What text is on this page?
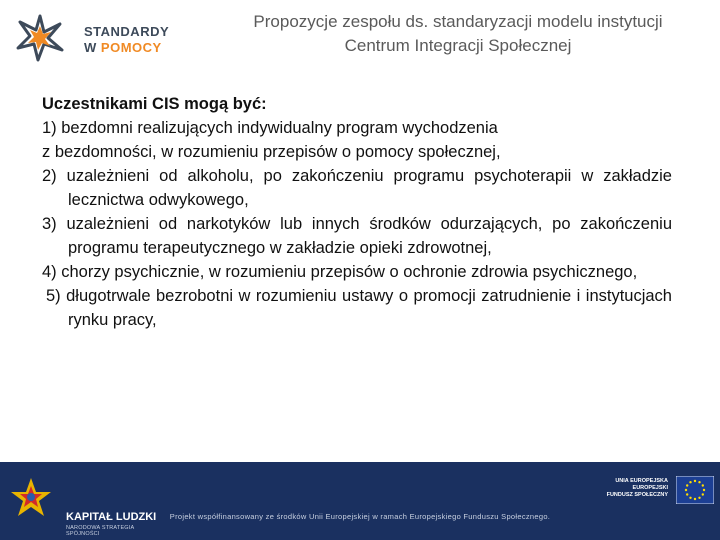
STANDARDY
W POMOCY
Propozycje zespołu ds. standaryzacji modelu instytucji
Centrum Integracji Społecznej

Uczestnikami CIS mogą być:

1) bezdomni realizujących indywidualny program wychodzenia

z bezdomności, w rozumieniu przepisów o pomocy społecznej,

2) uzależnieni od alkoholu, po zakończeniu programu psychoterapii w zakładzie lecznictwa odwykowego,

3) uzależnieni od narkotyków lub innych środków odurzających, po zakończeniu programu terapeutycznego w zakładzie opieki zdrowotnej,

4) chorzy psychicznie, w rozumieniu przepisów o ochronie zdrowia psychicznego,

5) długotrwale bezrobotni w rozumieniu ustawy o promocji zatrudnienie i instytucjach rynku pracy,

KAPITAŁ LUDZKI
NARODOWA STRATEGIA SPÓJNOŚCI
UNIA EUROPEJSKA
EUROPEJSKI
FUNDUSZ SPOŁECZNY
Projekt współfinansowany ze środków Unii Europejskiej w ramach Europejskiego Funduszu Społecznego.
